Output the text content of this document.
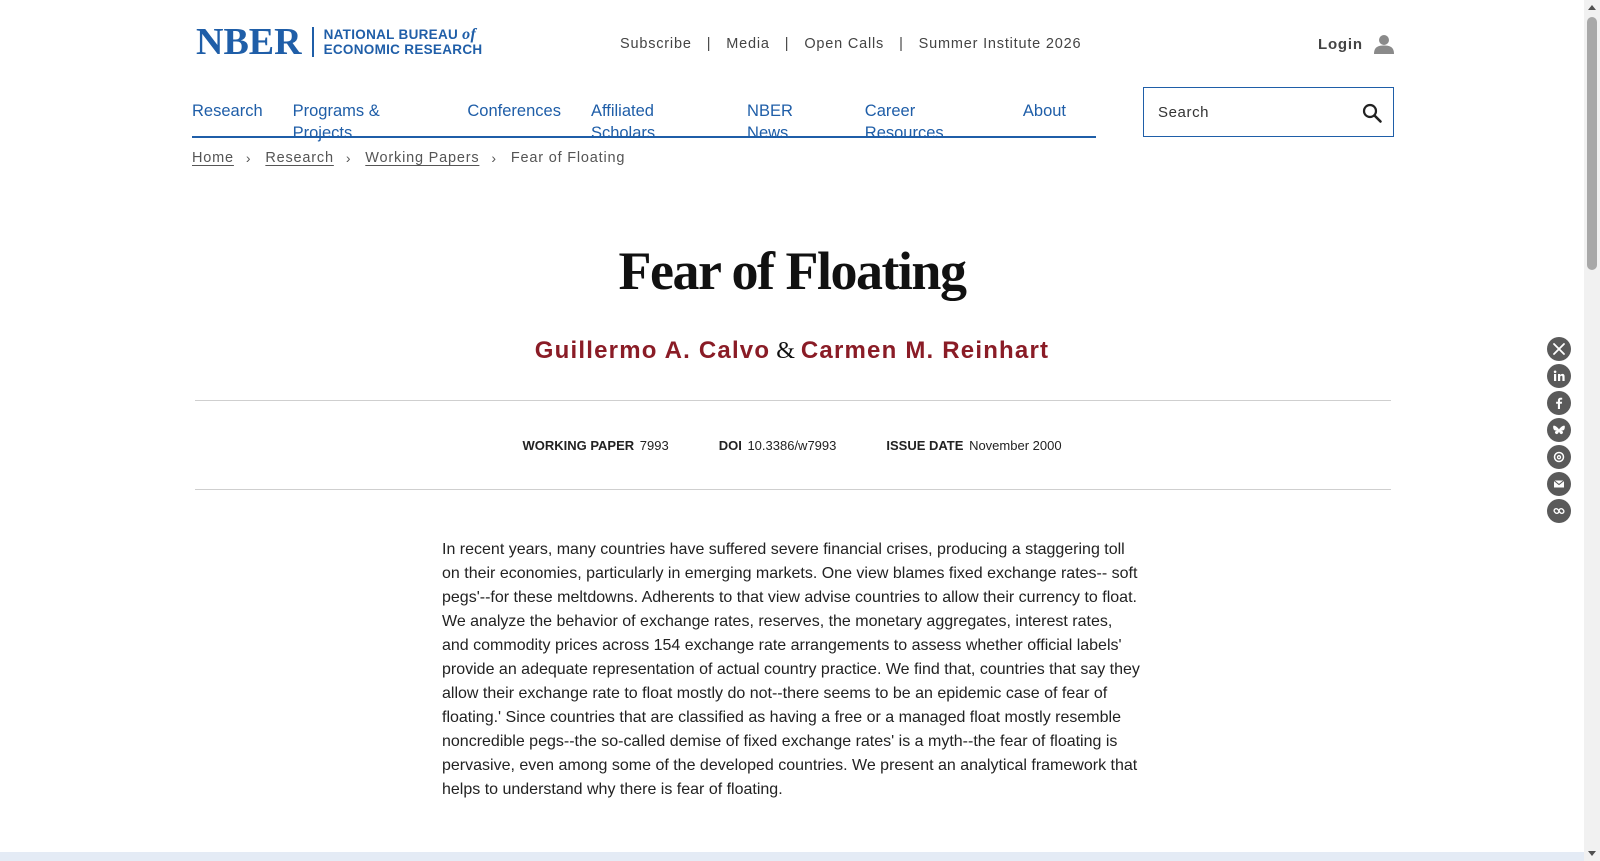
NBER NATIONAL BUREAU of
ECONOMIC RESEARCH	Subscribe | Media | Open Calls | Summer Institute 2026	Login
Research Programs & Projects
Conferences Affiliated Scholars
NBER News
Career Resources
About
Search
Home › Research › Working Papers › Fear of Floating
Fear of Floating
Guillermo A. Calvo & Carmen M. Reinhart
WORKING PAPER 7993	DOI 10.3386/w7993	ISSUE DATE November 2000

In recent years, many countries have suffered severe financial crises, producing a staggering toll on their economies, particularly in emerging markets. One view blames fixed exchange rates-- soft pegs'--for these meltdowns. Adherents to that view advise countries to allow their currency to float. We analyze the behavior of exchange rates, reserves, the monetary aggregates, interest rates, and commodity prices across 154 exchange rate arrangements to assess whether official labels' provide an adequate representation of actual country practice. We find that, countries that say they allow their exchange rate to float mostly do not--there seems to be an epidemic case of fear of floating.' Since countries that are classified as having a free or a managed float mostly resemble noncredible pegs--the so-called demise of fixed exchange rates' is a myth--the fear of floating is pervasive, even among some of the developed countries. We present an analytical framework that helps to understand why there is fear of floating.
